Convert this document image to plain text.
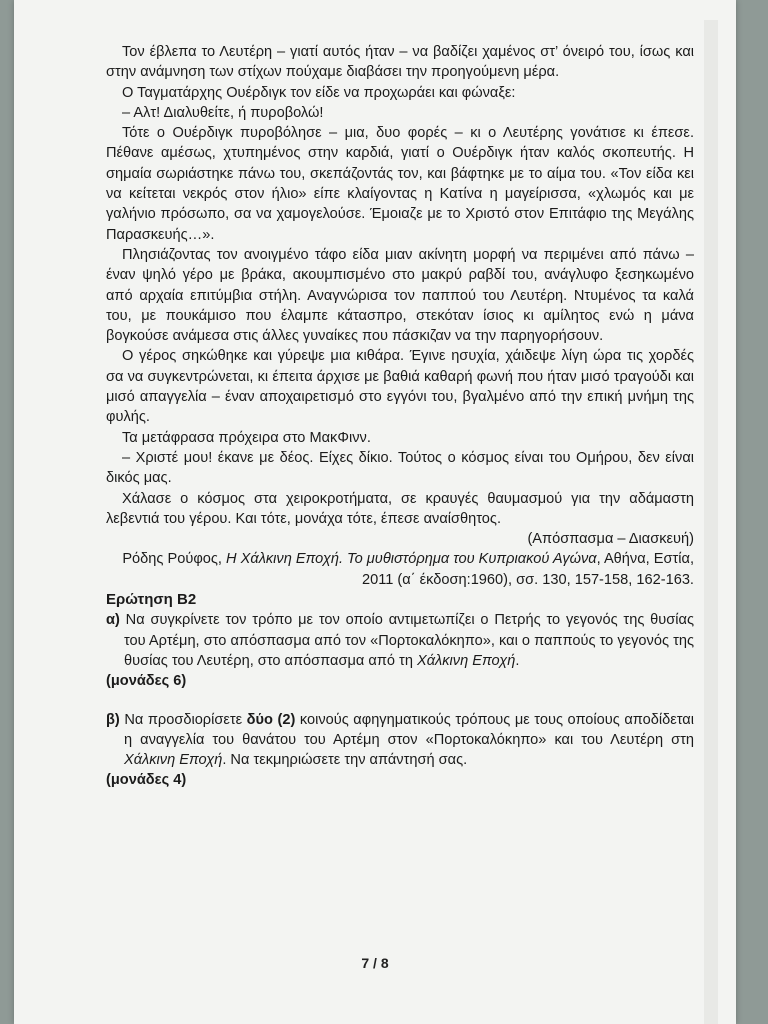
Τον έβλεπα το Λευτέρη – γιατί αυτός ήταν – να βαδίζει χαμένος στ’ όνειρό του, ίσως και στην ανάμνηση των στίχων πούχαμε διαβάσει την προηγούμενη μέρα.

Ο Ταγματάρχης Ουέρδιγκ τον είδε να προχωράει και φώναξε:

– Αλτ! Διαλυθείτε, ή πυροβολώ!

Τότε ο Ουέρδιγκ πυροβόλησε – μια, δυο φορές – κι ο Λευτέρης γονάτισε κι έπεσε. Πέθανε αμέσως, χτυπημένος στην καρδιά, γιατί ο Ουέρδιγκ ήταν καλός σκοπευτής. Η σημαία σωριάστηκε πάνω του, σκεπάζοντάς τον, και βάφτηκε με το αίμα του. «Τον είδα κει να κείτεται νεκρός στον ήλιο» είπε κλαίγοντας η Κατίνα η μαγείρισσα, «χλωμός και με γαλήνιο πρόσωπο, σα να χαμογελούσε. Έμοιαζε με το Χριστό στον Επιτάφιο της Μεγάλης Παρασκευής…».

Πλησιάζοντας τον ανοιγμένο τάφο είδα μιαν ακίνητη μορφή να περιμένει από πάνω – έναν ψηλό γέρο με βράκα, ακουμπισμένο στο μακρύ ραβδί του, ανάγλυφο ξεσηκωμένο από αρχαία επιτύμβια στήλη. Αναγνώρισα τον παππού του Λευτέρη. Ντυμένος τα καλά του, με πουκάμισο που έλαμπε κάτασπρο, στεκόταν ίσιος κι αμίλητος ενώ η μάνα βογκούσε ανάμεσα στις άλλες γυναίκες που πάσκιζαν να την παρηγορήσουν.

Ο γέρος σηκώθηκε και γύρεψε μια κιθάρα. Έγινε ησυχία, χάιδεψε λίγη ώρα τις χορδές σα να συγκεντρώνεται, κι έπειτα άρχισε με βαθιά καθαρή φωνή που ήταν μισό τραγούδι και μισό απαγγελία – έναν αποχαιρετισμό στο εγγόνι του, βγαλμένο από την επική μνήμη της φυλής.

Τα μετάφρασα πρόχειρα στο ΜακΦινν.

– Χριστέ μου! έκανε με δέος. Είχες δίκιο. Τούτος ο κόσμος είναι του Ομήρου, δεν είναι δικός μας.

Χάλασε ο κόσμος στα χειροκροτήματα, σε κραυγές θαυμασμού για την αδάμαστη λεβεντιά του γέρου. Και τότε, μονάχα τότε, έπεσε αναίσθητος.

(Απόσπασμα – Διασκευή)

Ρόδης Ρούφος, Η Χάλκινη Εποχή. Το μυθιστόρημα του Κυπριακού Αγώνα, Αθήνα, Εστία, 2011 (α΄ έκδοση:1960), σσ. 130, 157-158, 162-163.

Ερώτηση Β2

α) Να συγκρίνετε τον τρόπο με τον οποίο αντιμετωπίζει ο Πετρής το γεγονός της θυσίας του Αρτέμη, στο απόσπασμα από τον «Πορτοκαλόκηπο», και ο παππούς το γεγονός της θυσίας του Λευτέρη, στο απόσπασμα από τη Χάλκινη Εποχή.

(μονάδες 6)

β) Να προσδιορίσετε δύο (2) κοινούς αφηγηματικούς τρόπους με τους οποίους αποδίδεται η αναγγελία του θανάτου του Αρτέμη στον «Πορτοκαλόκηπο» και του Λευτέρη στη Χάλκινη Εποχή. Να τεκμηριώσετε την απάντησή σας.

(μονάδες 4)

7 / 8
